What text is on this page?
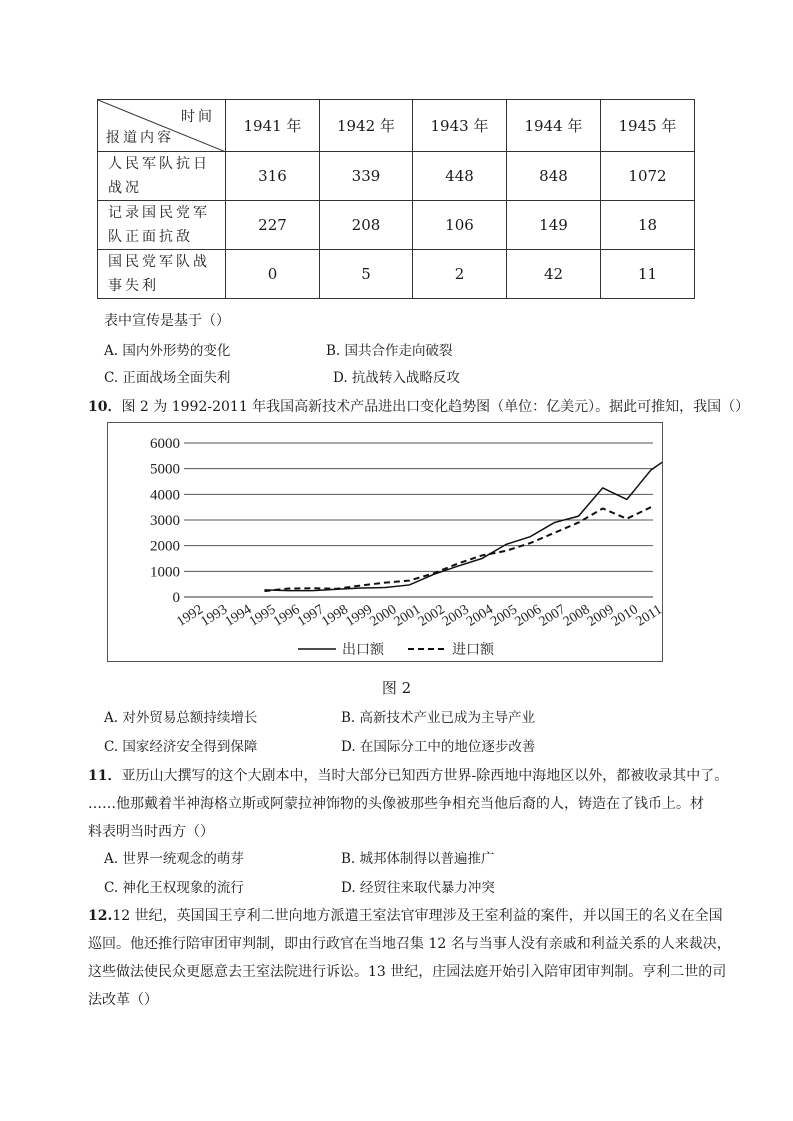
时间
报道内容	1941 年	1942 年	1943 年	1944 年	1945 年
人民军队抗日
战况	316	339	448	848	1072
记录国民党军
队正面抗敌	227	208	106	149	18
国民党军队战
事失利	0	5	2	42	11
表中宣传是基于（）
A. 国内外形势的变化	B. 国共合作走向破裂
C. 正面战场全面失利	D. 抗战转入战略反攻
10．图 2 为 1992-2011 年我国高新技术产品进出口变化趋势图（单位：亿美元）。据此可推知，我国（）
6000
5000
4000
3000
2000
1000
0
1992
1993
1994
1995
1996
1997
1998
1999
2000
2001
2002
2003
2004
2005
2006
2007
2008
2009
2010
2011
出口额	进口额
图 2
A. 对外贸易总额持续增长	B. 高新技术产业已成为主导产业
C. 国家经济安全得到保障	D. 在国际分工中的地位逐步改善
11．亚历山大撰写的这个大剧本中，当时大部分已知西方世界-除西地中海地区以外，都被收录其中了。
……他那戴着半神海格立斯或阿蒙拉神饰物的头像被那些争相充当他后裔的人，铸造在了钱币上。材
料表明当时西方（）
A. 世界一统观念的萌芽	B. 城邦体制得以普遍推广
C. 神化王权现象的流行	D. 经贸往来取代暴力冲突
12.12 世纪，英国国王亨利二世向地方派遣王室法官审理涉及王室利益的案件，并以国王的名义在全国
巡回。他还推行陪审团审判制，即由行政官在当地召集 12 名与当事人没有亲戚和利益关系的人来裁决，
这些做法使民众更愿意去王室法院进行诉讼。13 世纪，庄园法庭开始引入陪审团审判制。亨利二世的司
法改革（）
